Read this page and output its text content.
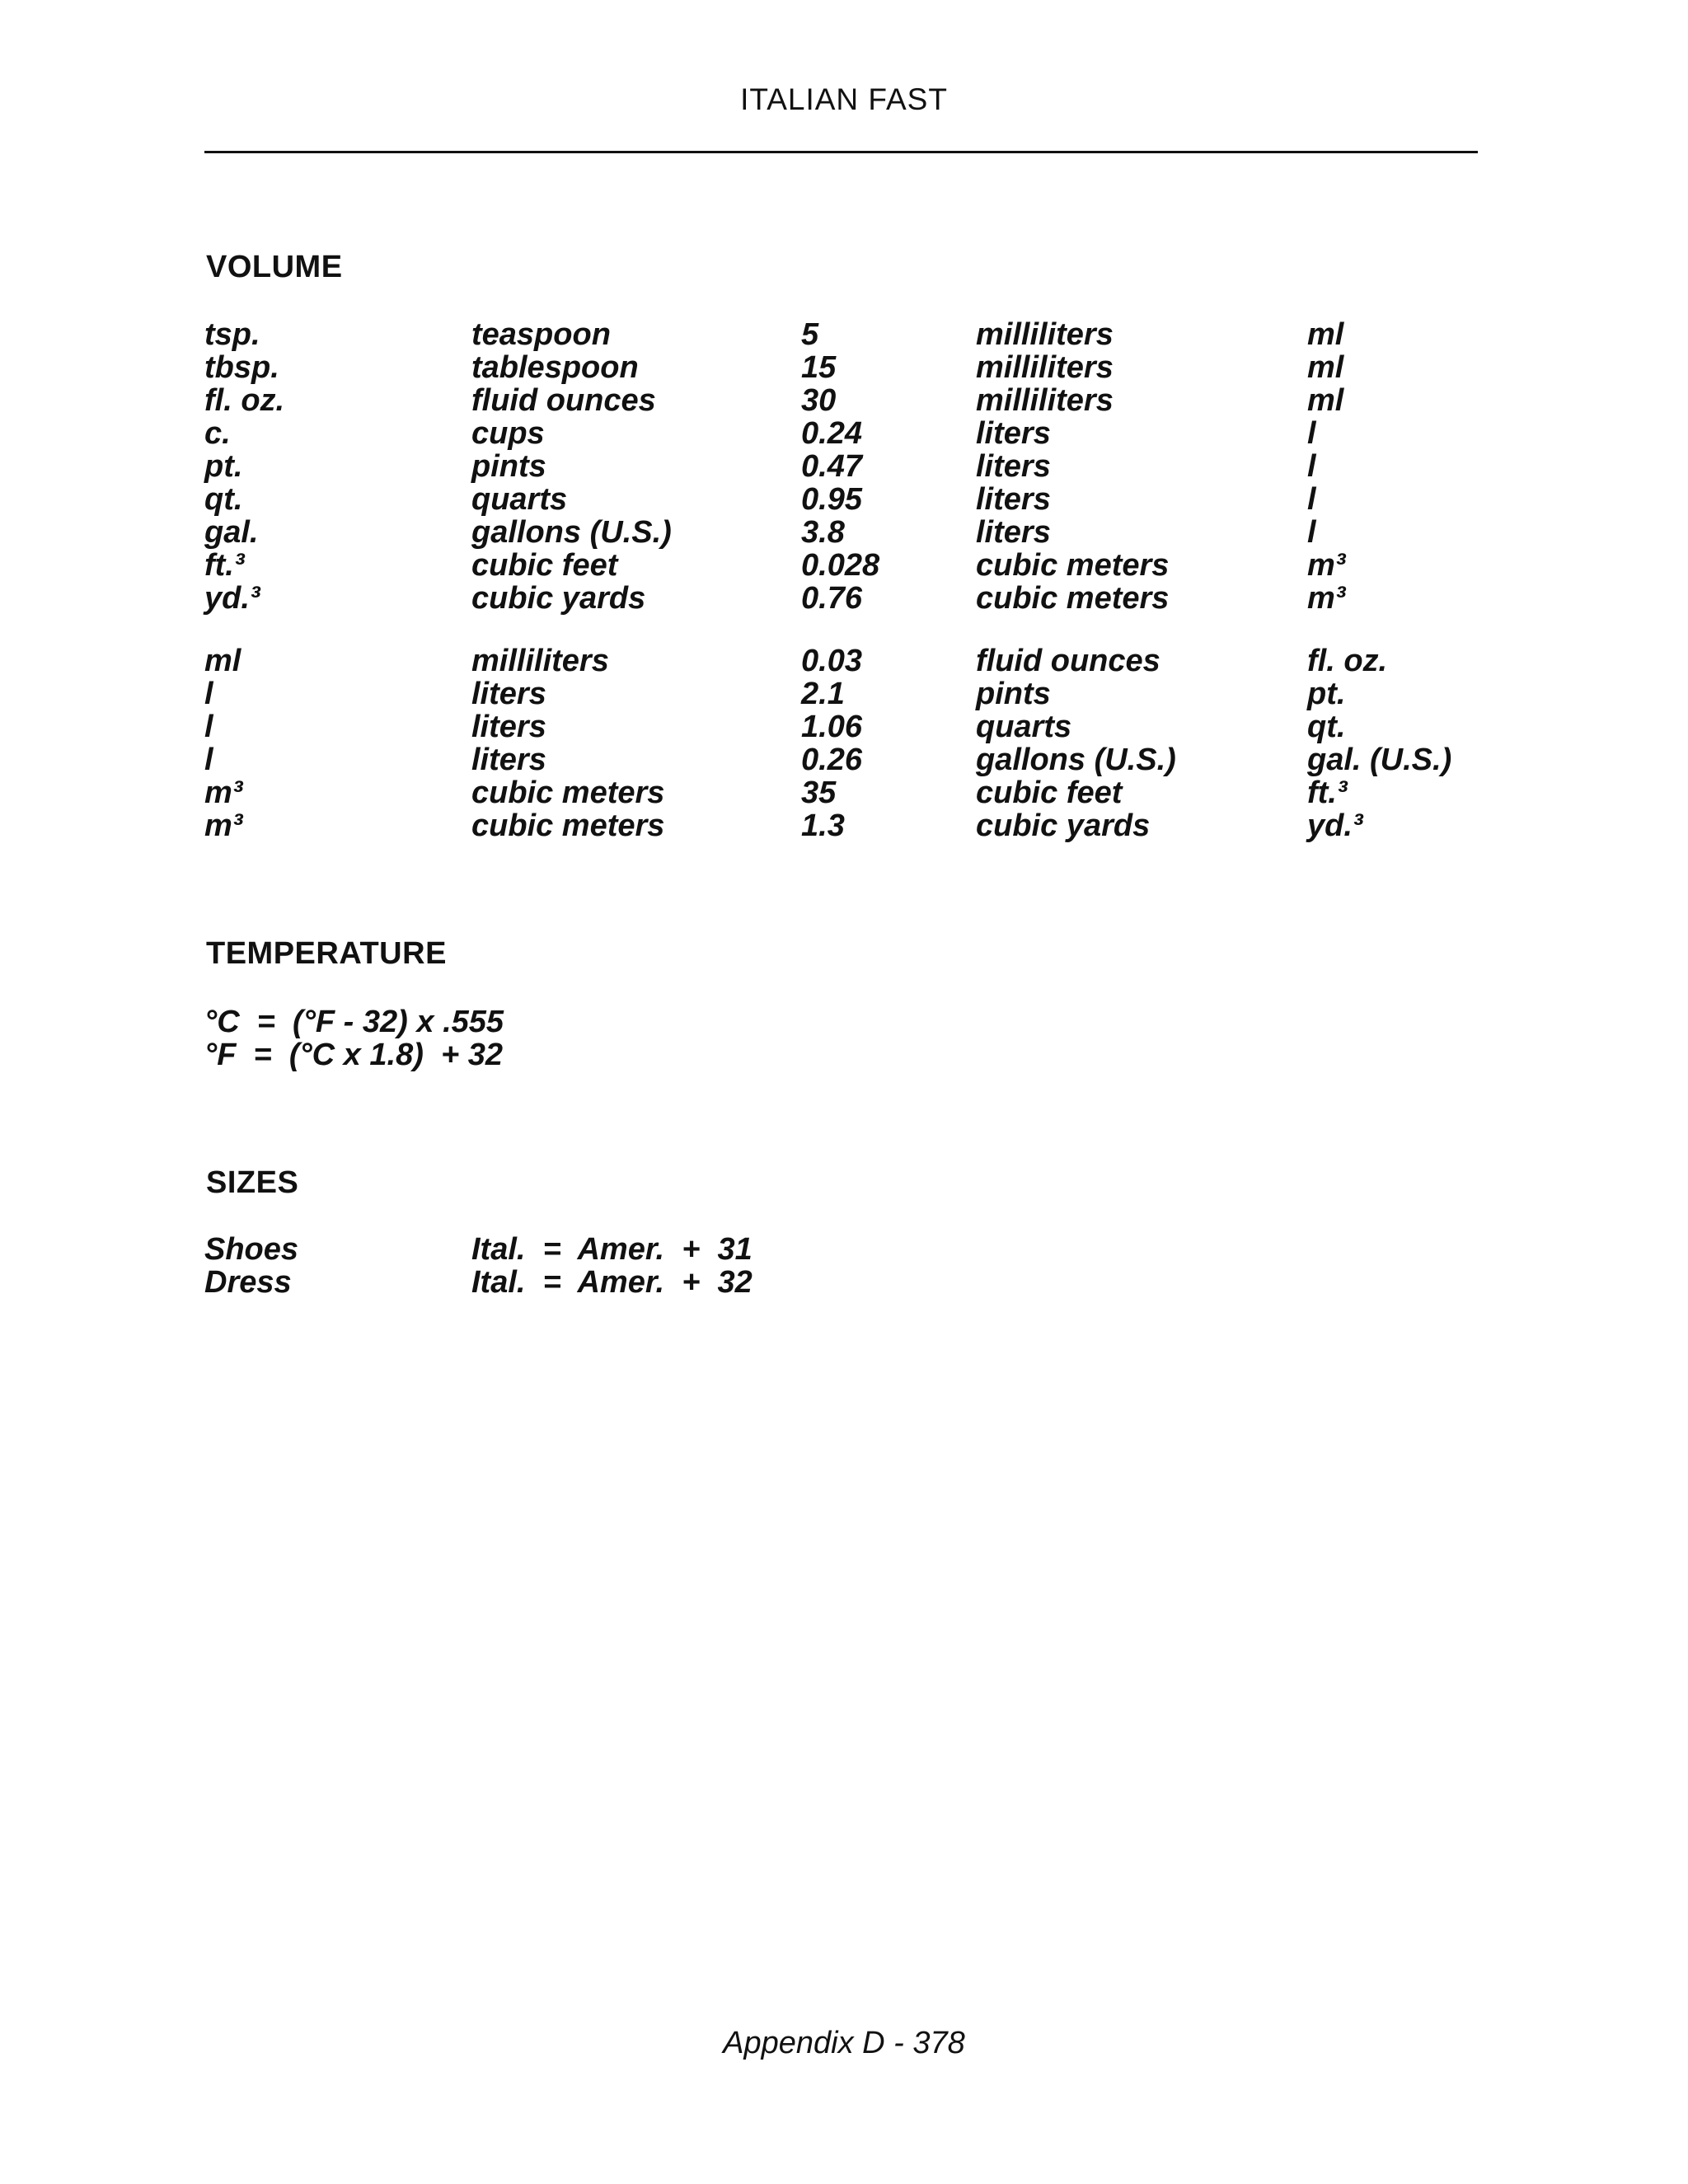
ITALIAN FAST
VOLUME
tsp.	teaspoon	5	milliliters	ml
tbsp.	tablespoon	15	milliliters	ml
fl. oz.	fluid ounces	30	milliliters	ml
c.	cups	0.24	liters	l
pt.	pints	0.47	liters	l
qt.	quarts	0.95	liters	l
gal.	gallons (U.S.)	3.8	liters	l
ft.³	cubic feet	0.028	cubic meters	m³
yd.³	cubic yards	0.76	cubic meters	m³
ml	milliliters	0.03	fluid ounces	fl. oz.
l	liters	2.1	pints	pt.
l	liters	1.06	quarts	qt.
l	liters	0.26	gallons (U.S.)	gal. (U.S.)
m³	cubic meters	35	cubic feet	ft.³
m³	cubic meters	1.3	cubic yards	yd.³
TEMPERATURE
°C  =  (°F - 32) x .555
°F  =  (°C x 1.8)  + 32
SIZES
Shoes	Ital.  =  Amer.  +  31
Dress	Ital.  =  Amer.  +  32
Appendix D - 378
